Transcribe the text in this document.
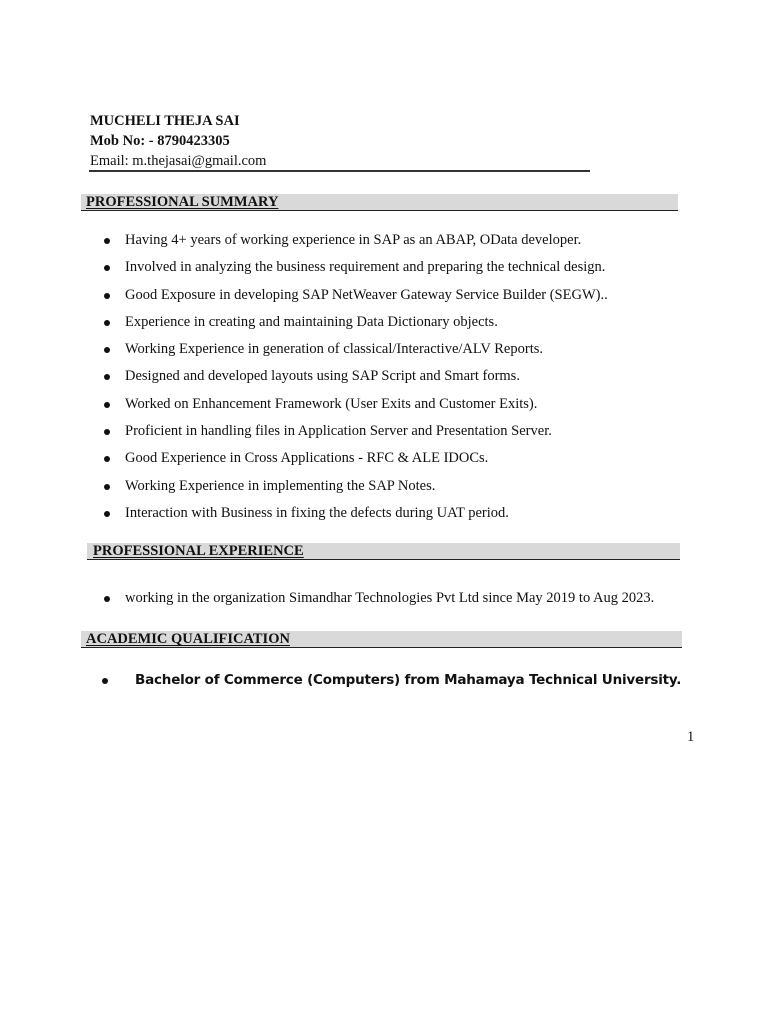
MUCHELI THEJA SAI
Mob No: - 8790423305
Email: m.thejasai@gmail.com
PROFESSIONAL SUMMARY
Having 4+ years of working experience in SAP as an ABAP, OData developer.
Involved in analyzing the business requirement and preparing the technical design.
Good Exposure in developing SAP NetWeaver Gateway Service Builder (SEGW)..
Experience in creating and maintaining Data Dictionary objects.
Working Experience in generation of classical/Interactive/ALV Reports.
Designed and developed layouts using SAP Script and Smart forms.
Worked on Enhancement Framework (User Exits and Customer Exits).
Proficient in handling files in Application Server and Presentation Server.
Good Experience in Cross Applications - RFC & ALE IDOCs.
Working Experience in implementing the SAP Notes.
Interaction with Business in fixing the defects during UAT period.
PROFESSIONAL EXPERIENCE
working in the organization Simandhar Technologies Pvt Ltd since May 2019 to Aug 2023.
ACADEMIC QUALIFICATION
Bachelor of Commerce (Computers) from Mahamaya Technical University.
1
